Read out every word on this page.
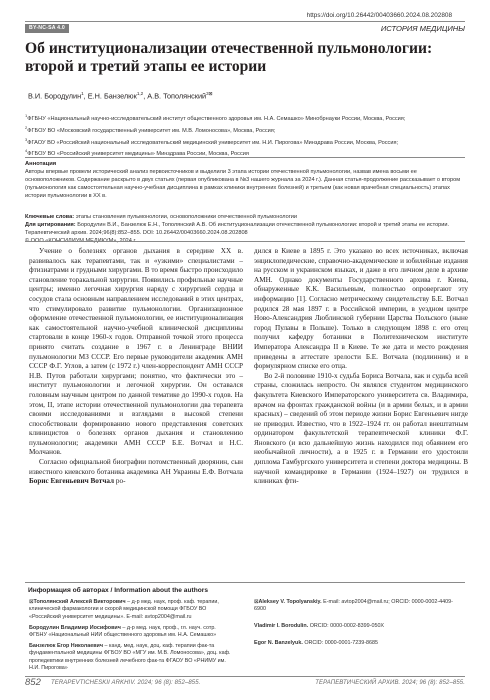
https://doi.org/10.26442/00403660.2024.08.202808
BY-NC-SA 4.0	ИСТОРИЯ МЕДИЦИНЫ
Об институционализации отечественной пульмонологии: второй и третий этапы ее истории
В.И. Бородулин$^1$, Е.Н. Банзелюк$^{1,2}$, А.В. Тополянский$^{3⊠}$
$^1$ФГБНУ «Национальный научно-исследовательский институт общественного здоровья им. Н.А. Семашко» Минобрнауки России, Москва, Россия;
$^2$ФГБОУ ВО «Московский государственный университет им. М.В. Ломоносова», Москва, Россия;
$^3$ФГАОУ ВО «Российский национальный исследовательский медицинский университет им. Н.И. Пирогова» Минздрава России, Москва, Россия;
$^4$ФГБОУ ВО «Российский университет медицины» Минздрава России, Москва, Россия
Аннотация
Авторы впервые провели исторический анализ первоисточников и выделили 3 этапа истории отечественной пульмонологии, назвав именa восьми ее основоположников. Содержание раскрыто в двух статьях (первая опубликована в №3 нашего журнала за 2024 г.). Данная статья-продолжение рассказывает о втором (пульмонология как самостоятельная научно-учебная дисциплина в рамках клиники внутренних болезней) и третьем (как новая врачебная специальность) этапах истории пульмонологии в XX в.
Ключевые слова: этапы становления пульмонологии, основоположники отечественной пульмонологии
Для цитирования: Бородулин В.И., Банзелюк Е.Н., Тополянский А.В. Об институционализации отечественной пульмонологии: второй и третий этапы ее истории. Терапевтический архив. 2024;96(8):852–855. DOI: 10.26442/00403660.2024.08.202808

Учение о болезнях органов дыхания в середине XX в. развивалось как терапевтами, так и «узкими» специалистами – фтизиатрами и грудными хирургами. В то время быстро происходило становление торакальной хирургии. Появились профильные научные центры; именно легочная хирургия наряду с хирургией сердца и сосудов стала основным направлением исследований в этих центрах, что стимулировало развитие пульмонологии. Организационное оформление отечественной пульмонологии, ее институционализация как самостоятельной научно-учебной клинической дисциплины стартовали в конце 1960-х годов. Отправной точкой этого процесса принято считать создание в 1967 г. в Ленинграде ВНИИ пульмонологии МЗ СССР. Его первые руководители академик АМН СССР Ф.Г. Углов, а затем (с 1972 г.) член-корреспондент АМН СССР Н.В. Путов работали хирургами; понятно, что фактически это – институт пульмонологии и легочной хирургии. Он оставался головным научным центром по данной тематике до 1990-х годов. На этом, II, этапе истории отечественной пульмонологии два терапевта своими исследованиями и взглядами в высокой степени способствовали формированию нового представления советских клиницистов о болезнях органов дыхания и становлению пульмонологии; академики АМН СССР Б.Е. Вотчал и Н.С. Молчанов.

Согласно официальной биографии потомственный дворянин, сын известного киевского ботаника академика АН Украины Е.Ф. Вотчала Борис Евгеньевич Вотчал ро-

дился в Киеве в 1895 г. Это указано во всех источниках, включая энциклопедические, справочно-академические и юбилейные издания на русском и украинском языках, и даже в его личном деле в архиве АМН. Однако документы Государственного архива г. Киева, обнаруженные К.К. Васильевым, полностью опровергают эту информацию [1]. Согласно метрическому свидетельству Б.Е. Вотчал родился 28 мая 1897 г. в Российской империи, в уездном центре Ново-Александрия Люблинской губернии Царства Польского (ныне город Пулавы в Польше). Только в следующем 1898 г. его отец получил кафедру ботаники в Политехническом институте Императора Александра II в Киеве. Те же дата и место рождения приведены в аттестате зрелости Б.Е. Вотчала (подлинник) и в формулярном списке его отца.

Во 2-й половине 1910-х судьба Бориса Вотчала, как и судьба всей страны, сложилась непросто. Он являлся студентом медицинского факультета Киевского Императорского университета св. Владимира, врачом на фронтах гражданской войны (и в армии белых, и в армии красных) – сведений об этом периоде жизни Борис Евгеньевич нигде не приводил. Известно, что в 1922–1924 гг. он работал внештатным ординатором факультетской терапевтической клиники Ф.Г. Яновского (и всю дальнейшую жизнь находился под обаянием его необычайной личности), а в 1925 г. в Германии его удостоили диплома Гамбургского университета и степени доктора медицины. В научной командировке в Германии (1924–1927) он трудился в клиниках фти-

Информация об авторах / Information about the authors

⊠Тополянский Алексей Викторович – д-р мед. наук, проф. каф. терапии, клинической фармакологии и скорой медицинской помощи ФГБОУ ВО «Российский университет медицины». E-mail: avtop2004@mail.ru

Бородулин Владимир Иосифович – д-р мед. наук, проф., гл. науч. сотр. ФГБНУ «Национальный НИИ общественного здоровья им. Н.А. Семашко»

Банзелюк Егор Николаевич – канд. мед. наук, доц. каф. терапии фак-та фундаментальной медицины ФГБОУ ВО «МГУ им. М.В. Ломоносова», доц. каф. пропедевтики внутренних болезней лечебного фак-та ФГАОУ ВО «РНИМУ им. Н.И. Пирогова»

⊠Aleksey V. Topolyanskiy. E-mail: avtop2004@mail.ru; ORCID: 0000-0002-4409-6900

Vladimir I. Borodulin. ORCID: 0000-0002-8399-050X

Egor N. Banzelyuk. ORCID: 0000-0001-7239-8685

852 TERAPEVTICHESKII ARKHIV. 2024; 96 (8): 852–855.	ТЕРАПЕВТИЧЕСКИЙ АРХИВ. 2024; 96 (8): 852–855.
